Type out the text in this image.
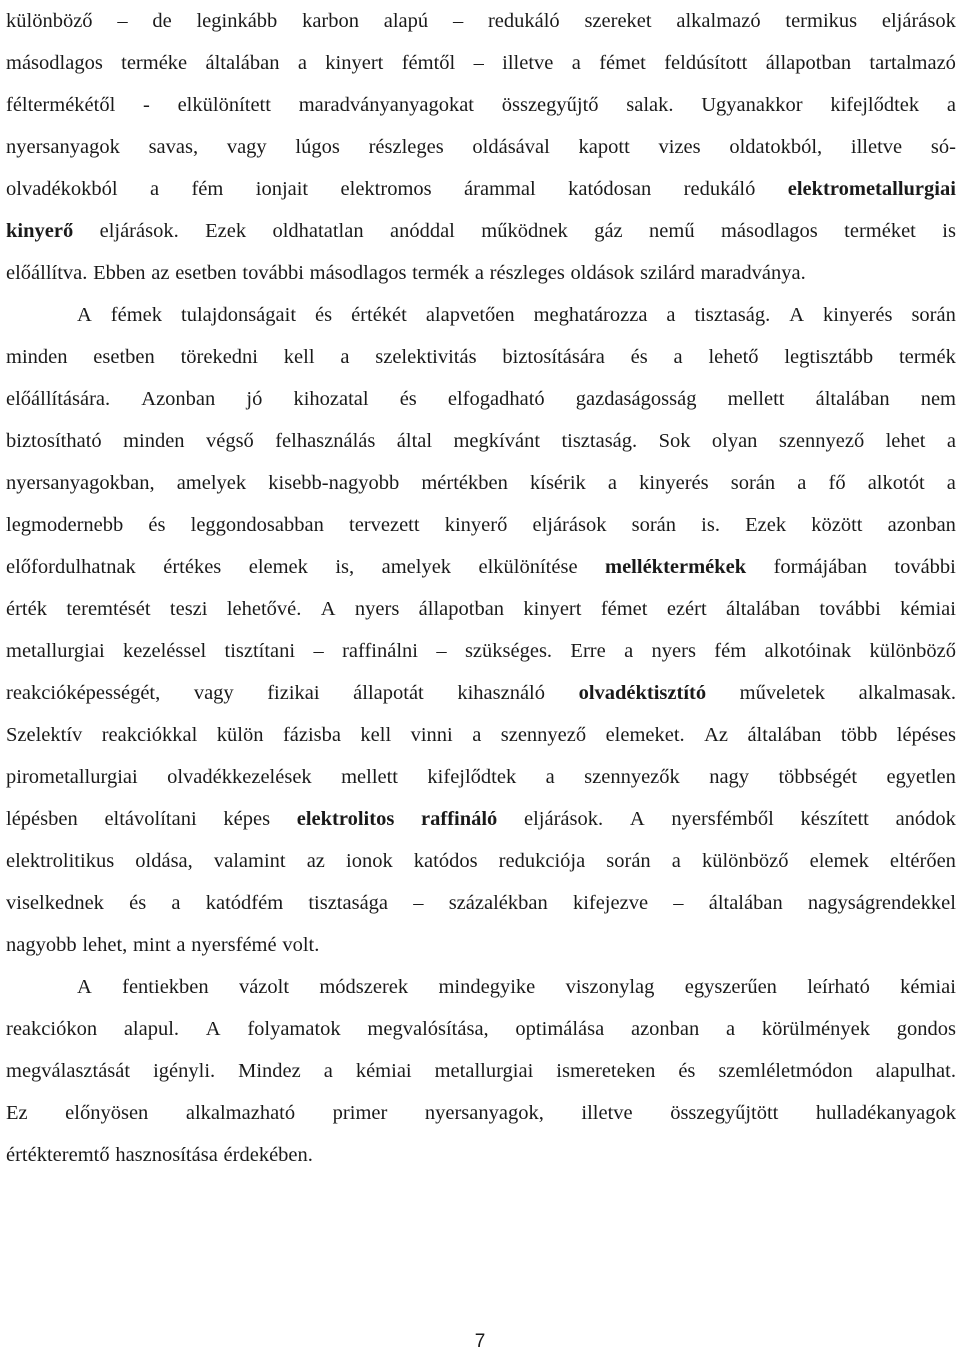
különböző – de leginkább karbon alapú – redukáló szereket alkalmazó termikus eljárások
másodlagos terméke általában a kinyert fémtől – illetve a fémet feldúsított állapotban tartalmazó
féltermékétől - elkülönített maradványanyagokat összegyűjtő salak. Ugyanakkor kifejlődtek a
nyersanyagok savas, vagy lúgos részleges oldásával kapott vizes oldatokból, illetve só-
olvadékokból a fém ionjait elektromos árammal katódosan redukáló elektrometallurgiai
kinyerő eljárások. Ezek oldhatatlan anóddal működnek gáz nemű másodlagos terméket is
előállítva. Ebben az esetben további másodlagos termék a részleges oldások szilárd maradványa.
A fémek tulajdonságait és értékét alapvetően meghatározza a tisztaság. A kinyerés során
minden esetben törekedni kell a szelektivitás biztosítására és a lehető legtisztább termék
előállítására. Azonban jó kihozatal és elfogadható gazdaságosság mellett általában nem
biztosítható minden végső felhasználás által megkívánt tisztaság. Sok olyan szennyező lehet a
nyersanyagokban, amelyek kisebb-nagyobb mértékben kísérik a kinyerés során a fő alkotót a
legmodernebb és leggondosabban tervezett kinyerő eljárások során is. Ezek között azonban
előfordulhatnak értékes elemek is, amelyek elkülönítése melléktermékek formájában további
érték teremtését teszi lehetővé. A nyers állapotban kinyert fémet ezért általában további kémiai
metallurgiai kezeléssel tisztítani – raffinálni – szükséges. Erre a nyers fém alkotóinak különböző
reakcióképességét, vagy fizikai állapotát kihasználó olvadéktisztító műveletek alkalmasak.
Szelektív reakciókkal külön fázisba kell vinni a szennyező elemeket. Az általában több lépéses
pirometallurgiai olvadékkezelések mellett kifejlődtek a szennyezők nagy többségét egyetlen
lépésben eltávolítani képes elektrolitos raffináló eljárások. A nyersfémből készített anódok
elektrolitikus oldása, valamint az ionok katódos redukciója során a különböző elemek eltérően
viselkednek és a katódfém tisztasága – százalékban kifejezve – általában nagyságrendekkel
nagyobb lehet, mint a nyersfémé volt.
A fentiekben vázolt módszerek mindegyike viszonylag egyszerűen leírható kémiai
reakciókon alapul. A folyamatok megvalósítása, optimálása azonban a körülmények gondos
megválasztását igényli. Mindez a kémiai metallurgiai ismereteken és szemléletmódon alapulhat.
Ez előnyösen alkalmazható primer nyersanyagok, illetve összegyűjtött hulladékanyagok
értékteremtő hasznosítása érdekében.
7
